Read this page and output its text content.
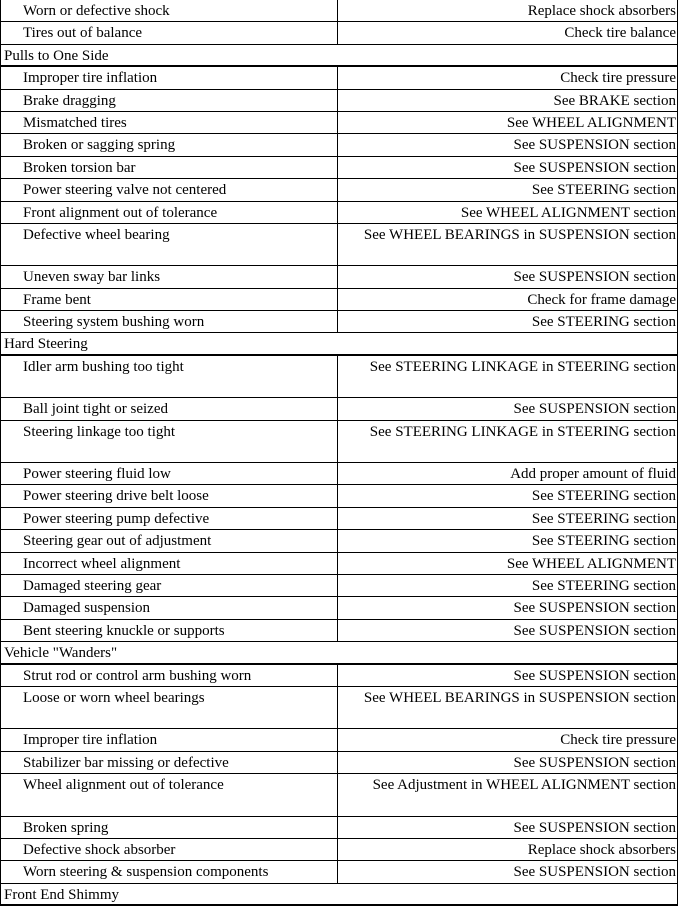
Worn or defective shock	Replace shock absorbers
Tires out of balance	Check tire balance
Pulls to One Side
Improper tire inflation	Check tire pressure
Brake dragging	See BRAKE section
Mismatched tires	See WHEEL ALIGNMENT
Broken or sagging spring	See SUSPENSION section
Broken torsion bar	See SUSPENSION section
Power steering valve not centered	See STEERING section
Front alignment out of tolerance	See WHEEL ALIGNMENT section
Defective wheel bearing	See WHEEL BEARINGS in SUSPENSION section
Uneven sway bar links	See SUSPENSION section
Frame bent	Check for frame damage
Steering system bushing worn	See STEERING section
Hard Steering
Idler arm bushing too tight	See STEERING LINKAGE in STEERING section
Ball joint tight or seized	See SUSPENSION section
Steering linkage too tight	See STEERING LINKAGE in STEERING section
Power steering fluid low	Add proper amount of fluid
Power steering drive belt loose	See STEERING section
Power steering pump defective	See STEERING section
Steering gear out of adjustment	See STEERING section
Incorrect wheel alignment	See WHEEL ALIGNMENT
Damaged steering gear	See STEERING section
Damaged suspension	See SUSPENSION section
Bent steering knuckle or supports	See SUSPENSION section
Vehicle "Wanders"
Strut rod or control arm bushing worn	See SUSPENSION section
Loose or worn wheel bearings	See WHEEL BEARINGS in SUSPENSION section
Improper tire inflation	Check tire pressure
Stabilizer bar missing or defective	See SUSPENSION section
Wheel alignment out of tolerance	See Adjustment in WHEEL ALIGNMENT section
Broken spring	See SUSPENSION section
Defective shock absorber	Replace shock absorbers
Worn steering & suspension components	See SUSPENSION section
Front End Shimmy
